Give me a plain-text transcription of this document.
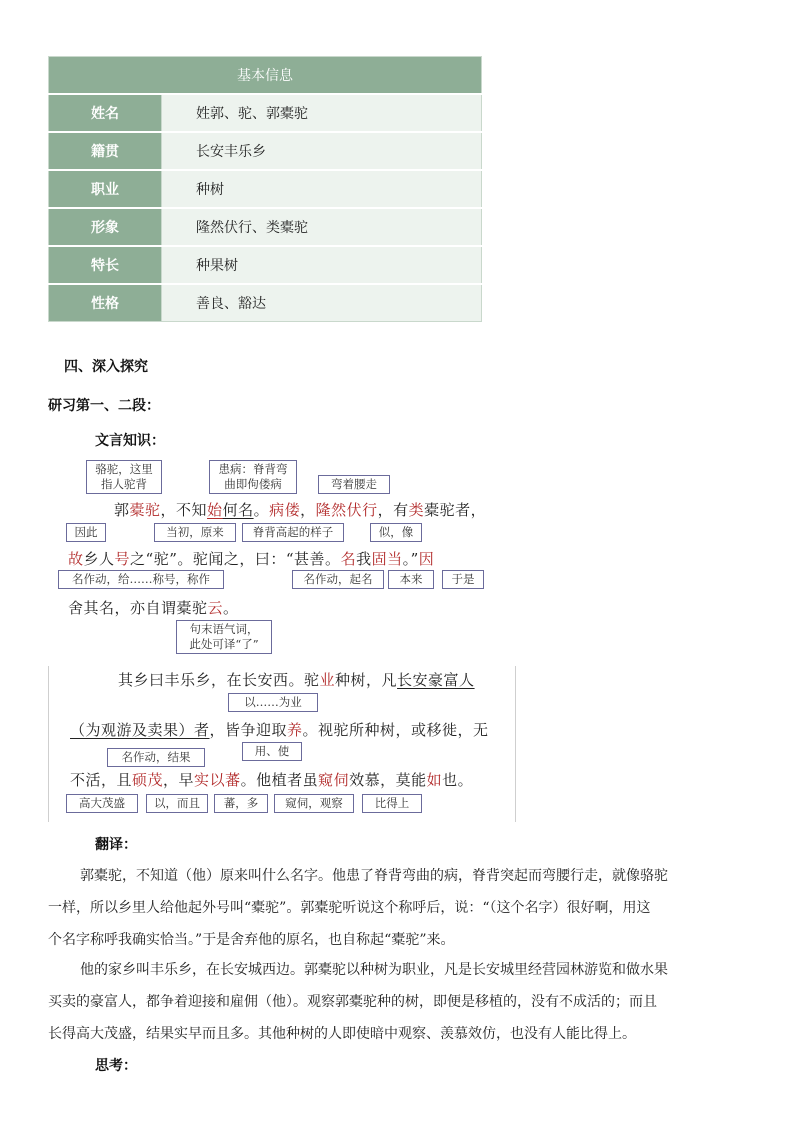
基本信息	
姓名	姓郭、驼、郭橐驼
籍贯	长安丰乐乡
职业	种树
形象	隆然伏行、类橐驼
特长	种果树
性格	善良、豁达
四、深入探究
研习第一、二段：
文言知识：
骆驼，这里
指人驼背
患病：脊背弯
曲即佝偻病	弯着腰走
郭橐驼，不知始何名。病偻，隆然伏行，有类橐驼者，
因此	当初，原来	脊背高起的样子	似，像
故乡人号之“驼”。驼闻之，曰：“甚善。名我固当。”因
名作动，给……称号，称作	名作动，起名	本来	于是
舍其名，亦自谓橐驼云。
句末语气词，
此处可译“了”
其乡曰丰乐乡，在长安西。驼业种树，凡长安豪富人
以……为业
（为观游及卖果）者，皆争迎取养。视驼所种树，或移徙，无
名作动，结果	用、使
不活，且硕茂，早实以蕃。他植者虽窥伺效慕，莫能如也。
高大茂盛	以，而且	蕃，多	窥伺，观察	比得上
翻译：
郭橐驼，不知道（他）原来叫什么名字。他患了脊背弯曲的病，脊背突起而弯腰行走，就像骆驼
一样，所以乡里人给他起外号叫“橐驼”。郭橐驼听说这个称呼后，说：“（这个名字）很好啊，用这
个名字称呼我确实恰当。”于是舍弃他的原名，也自称起“橐驼”来。
他的家乡叫丰乐乡，在长安城西边。郭橐驼以种树为职业，凡是长安城里经营园林游览和做水果
买卖的豪富人，都争着迎接和雇佣（他）。观察郭橐驼种的树，即便是移植的，没有不成活的；而且
长得高大茂盛，结果实早而且多。其他种树的人即使暗中观察、羡慕效仿，也没有人能比得上。
思考：
